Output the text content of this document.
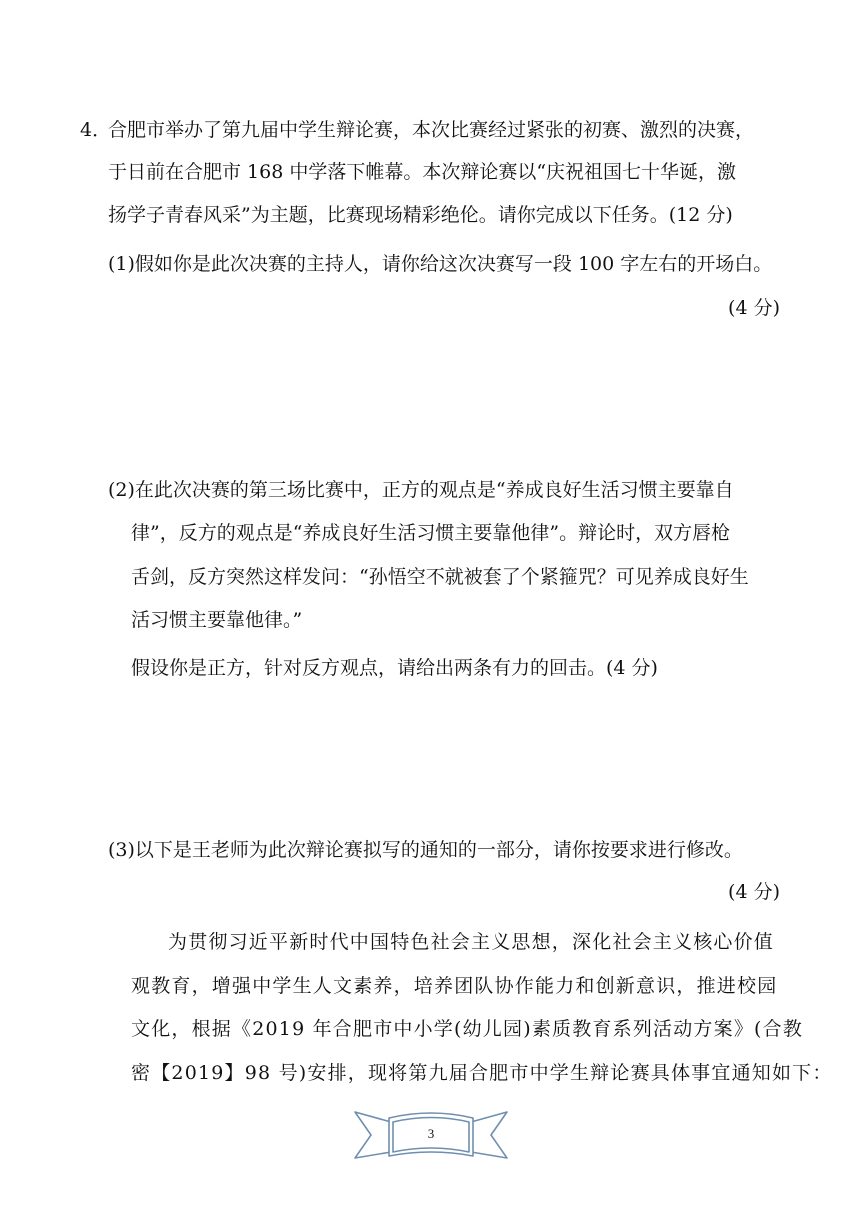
4．
合肥市举办了第九届中学生辩论赛，本次比赛经过紧张的初赛、激烈的决赛，
于日前在合肥市 168 中学落下帷幕。本次辩论赛以“庆祝祖国七十华诞，激
扬学子青春风采”为主题，比赛现场精彩绝伦。请你完成以下任务。(12 分)
(1)假如你是此次决赛的主持人，请你给这次决赛写一段 100 字左右的开场白。
(4 分)
(2)在此次决赛的第三场比赛中，正方的观点是“养成良好生活习惯主要靠自
律”，反方的观点是“养成良好生活习惯主要靠他律”。辩论时，双方唇枪
舌剑，反方突然这样发问：“孙悟空不就被套了个紧箍咒？可见养成良好生
活习惯主要靠他律。”
假设你是正方，针对反方观点，请给出两条有力的回击。(4 分)
(3)以下是王老师为此次辩论赛拟写的通知的一部分，请你按要求进行修改。
(4 分)
为贯彻习近平新时代中国特色社会主义思想，深化社会主义核心价值
观教育，增强中学生人文素养，培养团队协作能力和创新意识，推进校园
文化，根据《2019 年合肥市中小学(幼儿园)素质教育系列活动方案》(合教
密【2019】98 号)安排，现将第九届合肥市中学生辩论赛具体事宜通知如下：
3
